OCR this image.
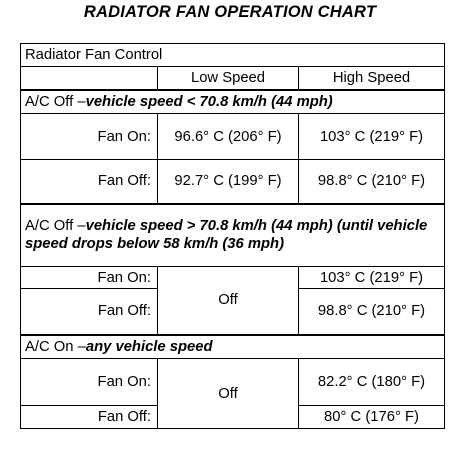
RADIATOR FAN OPERATION CHART
Radiator Fan Control		
	Low Speed	High Speed
A/C Off –vehicle speed < 70.8 km/h (44 mph)		
Fan On:	96.6° C (206° F)	103° C (219° F)
Fan Off:	92.7° C (199° F)	98.8° C (210° F)
A/C Off –vehicle speed > 70.8 km/h (44 mph) (until vehicle speed drops below 58 km/h (36 mph)		
Fan On:	Off	103° C (219° F)
Fan Off:		98.8° C (210° F)
A/C On –any vehicle speed		
Fan On:	Off	82.2° C (180° F)
Fan Off:		80° C (176° F)
